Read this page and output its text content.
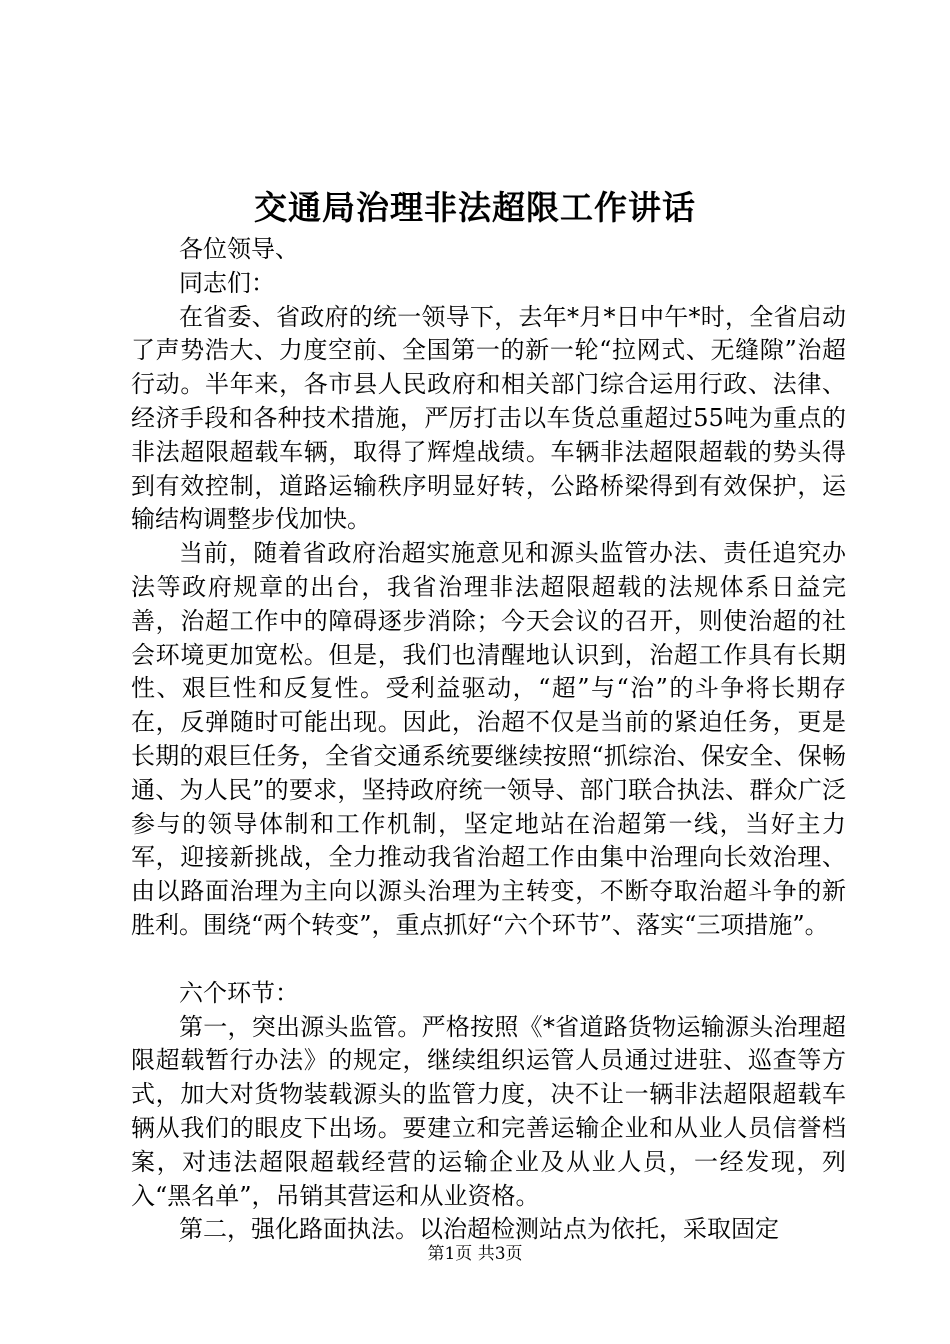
交通局治理非法超限工作讲话

各位领导、

同志们：

在省委、省政府的统一领导下，去年*月*日中午*时，全省启动了声势浩大、力度空前、全国第一的新一轮“拉网式、无缝隙”治超行动。半年来，各市县人民政府和相关部门综合运用行政、法律、经济手段和各种技术措施，严厉打击以车货总重超过55吨为重点的非法超限超载车辆，取得了辉煌战绩。车辆非法超限超载的势头得到有效控制，道路运输秩序明显好转，公路桥梁得到有效保护，运输结构调整步伐加快。

当前，随着省政府治超实施意见和源头监管办法、责任追究办法等政府规章的出台，我省治理非法超限超载的法规体系日益完善，治超工作中的障碍逐步消除；今天会议的召开，则使治超的社会环境更加宽松。但是，我们也清醒地认识到，治超工作具有长期性、艰巨性和反复性。受利益驱动，“超”与“治”的斗争将长期存在，反弹随时可能出现。因此，治超不仅是当前的紧迫任务，更是长期的艰巨任务，全省交通系统要继续按照“抓综治、保安全、保畅通、为人民”的要求，坚持政府统一领导、部门联合执法、群众广泛参与的领导体制和工作机制，坚定地站在治超第一线，当好主力军，迎接新挑战，全力推动我省治超工作由集中治理向长效治理、由以路面治理为主向以源头治理为主转变，不断夺取治超斗争的新胜利。围绕“两个转变”，重点抓好“六个环节”、落实“三项措施”。

六个环节：

第一，突出源头监管。严格按照《*省道路货物运输源头治理超限超载暂行办法》的规定，继续组织运管人员通过进驻、巡查等方式，加大对货物装载源头的监管力度，决不让一辆非法超限超载车辆从我们的眼皮下出场。要建立和完善运输企业和从业人员信誉档案，对违法超限超载经营的运输企业及从业人员，一经发现，列入“黑名单”，吊销其营运和从业资格。

第二，强化路面执法。以治超检测站点为依托，采取固定

第1页 共3页
